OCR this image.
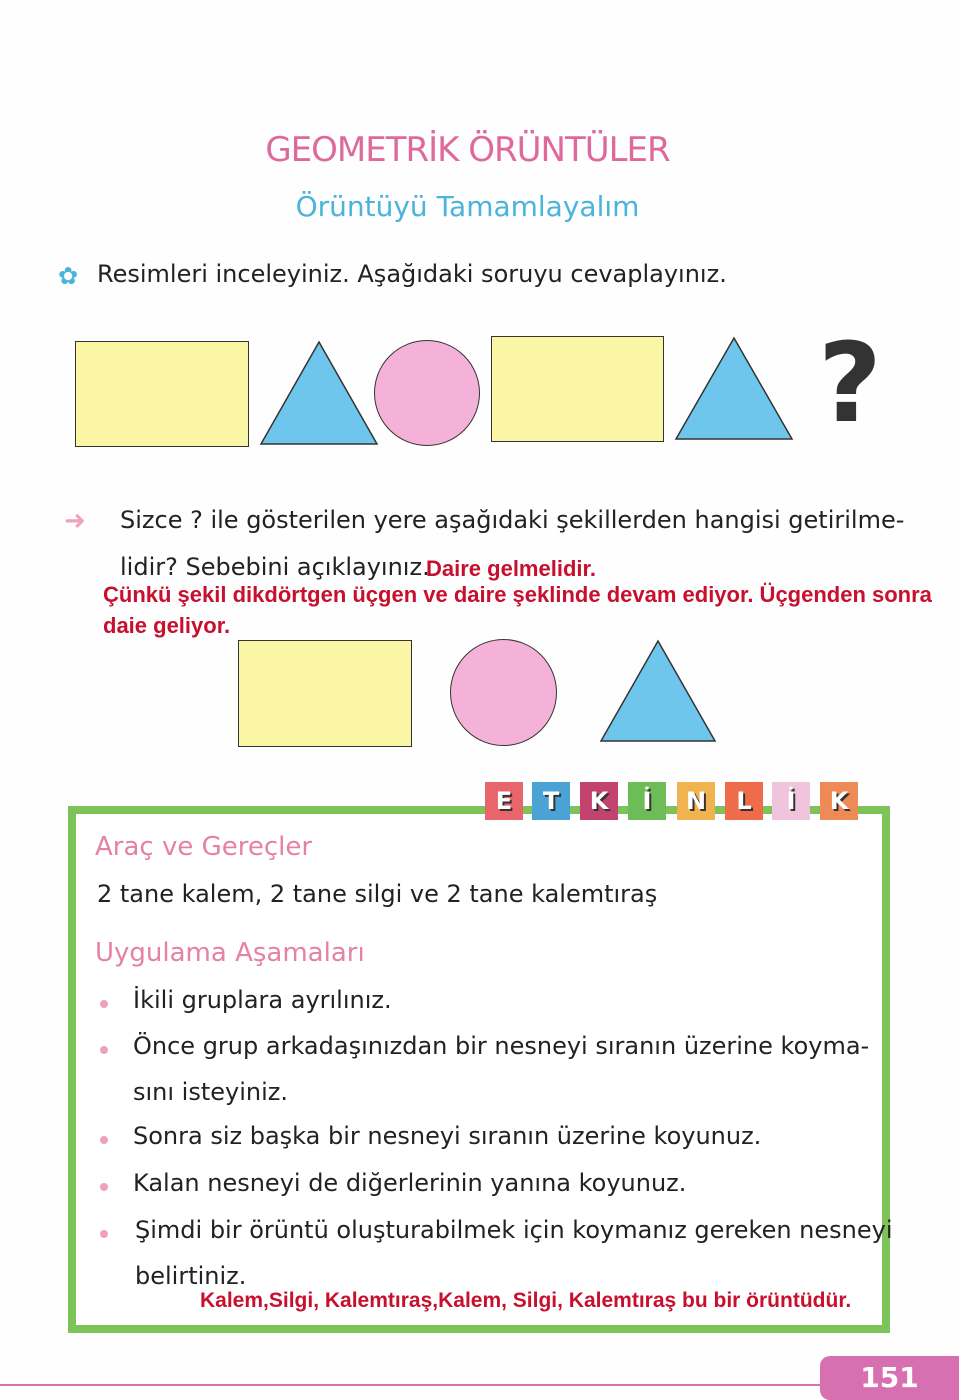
GEOMETRİK ÖRÜNTÜLER
Örüntüyü Tamamlayalım
✿ Resimleri inceleyiniz. Aşağıdaki soruyu cevaplayınız.
?
➜ Sizce ? ile gösterilen yere aşağıdaki şekillerden hangisi getirilme-
lidir? Sebebini açıklayınız.
Daire gelmelidir.
Çünkü şekil dikdörtgen üçgen ve daire şeklinde devam ediyor. Üçgenden sonra
daie geliyor.
Araç ve Gereçler
2 tane kalem, 2 tane silgi ve 2 tane kalemtıraş
Uygulama Aşamaları
İkili gruplara ayrılınız.
Önce grup arkadaşınızdan bir nesneyi sıranın üzerine koyma-
sını isteyiniz.
Sonra siz başka bir nesneyi sıranın üzerine koyunuz.
Kalan nesneyi de diğerlerinin yanına koyunuz.
Şimdi bir örüntü oluşturabilmek için koymanız gereken nesneyi
belirtiniz.
Kalem,Silgi, Kalemtıraş,Kalem, Silgi, Kalemtıraş bu bir örüntüdür.
151
E	T	K	İ	N	L	İ	K
